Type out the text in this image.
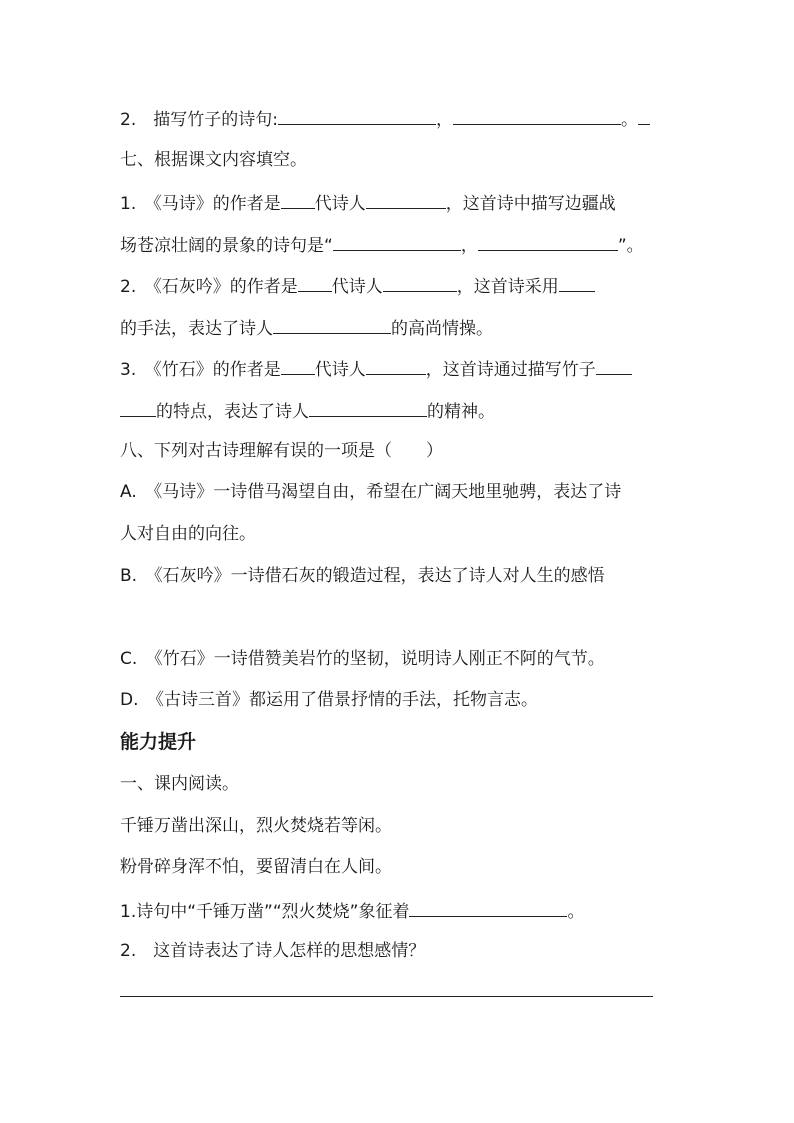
2.　描写竹子的诗句:	，	。
七、根据课文内容填空。
1.　《马诗》的作者是 代诗人	，这首诗中描写边疆战
场苍凉壮阔的景象的诗句是“	，	”。
2.　《石灰吟》的作者是 代诗人	，这首诗采用
的手法，表达了诗人	的高尚情操。
3.　《竹石》的作者是 代诗人	，这首诗通过描写竹子
的特点，表达了诗人	的精神。
八、下列对古诗理解有误的一项是（　　）
A.　《马诗》一诗借马渴望自由，希望在广阔天地里驰骋，表达了诗
人对自由的向往。
B.　《石灰吟》一诗借石灰的锻造过程，表达了诗人对人生的感悟
C.　《竹石》一诗借赞美岩竹的坚韧，说明诗人刚正不阿的气节。
D.　《古诗三首》都运用了借景抒情的手法，托物言志。
能力提升
一、课内阅读。
千锤万凿出深山，烈火焚烧若等闲。
粉骨碎身浑不怕，要留清白在人间。
1.诗句中“千锤万凿”“烈火焚烧”象征着	。
2.　这首诗表达了诗人怎样的思想感情？
